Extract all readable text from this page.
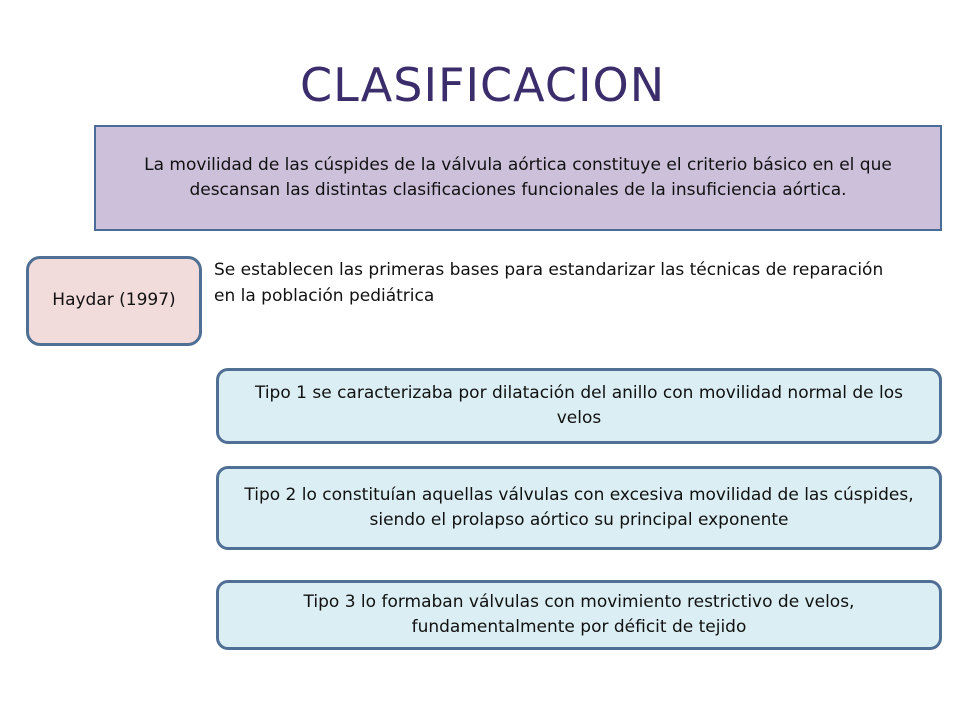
CLASIFICACION
La movilidad de las cúspides de la válvula aórtica constituye el criterio básico en el que descansan las distintas clasificaciones funcionales de la insuficiencia aórtica.
Haydar (1997)
Se establecen las primeras bases para estandarizar las técnicas de reparación
en la población pediátrica
Tipo 1 se caracterizaba por dilatación del anillo con movilidad normal de los velos
Tipo 2 lo constituían aquellas válvulas con excesiva movilidad de las cúspides, siendo el prolapso aórtico su principal exponente
Tipo 3 lo formaban válvulas con movimiento restrictivo de velos, fundamentalmente por déficit de tejido
